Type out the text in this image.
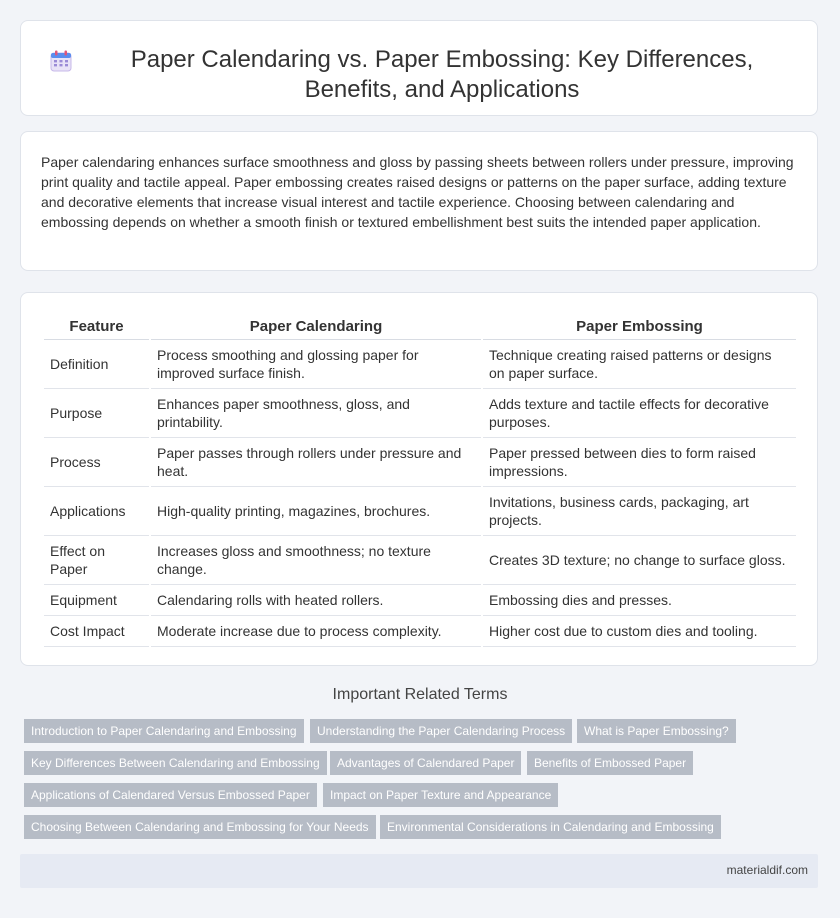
Paper Calendaring vs. Paper Embossing: Key Differences, Benefits, and Applications

Paper calendaring enhances surface smoothness and gloss by passing sheets between rollers under pressure, improving print quality and tactile appeal. Paper embossing creates raised designs or patterns on the paper surface, adding texture and decorative elements that increase visual interest and tactile experience. Choosing between calendaring and embossing depends on whether a smooth finish or textured embellishment best suits the intended paper application.

Feature	Paper Calendaring	Paper Embossing
Definition	Process smoothing and glossing paper for improved surface finish.	Technique creating raised patterns or designs on paper surface.
Purpose	Enhances paper smoothness, gloss, and printability.	Adds texture and tactile effects for decorative purposes.
Process	Paper passes through rollers under pressure and heat.	Paper pressed between dies to form raised impressions.
Applications	High-quality printing, magazines, brochures.	Invitations, business cards, packaging, art projects.
Effect on Paper	Increases gloss and smoothness; no texture change.	Creates 3D texture; no change to surface gloss.
Equipment	Calendaring rolls with heated rollers.	Embossing dies and presses.
Cost Impact	Moderate increase due to process complexity.	Higher cost due to custom dies and tooling.
Important Related Terms
Introduction to Paper Calendaring and Embossing	Understanding the Paper Calendaring Process	What is Paper Embossing?
Key Differences Between Calendaring and Embossing	Advantages of Calendared Paper	Benefits of Embossed Paper
Applications of Calendared Versus Embossed Paper	Impact on Paper Texture and Appearance
Choosing Between Calendaring and Embossing for Your Needs	Environmental Considerations in Calendaring and Embossing
materialdif.com
